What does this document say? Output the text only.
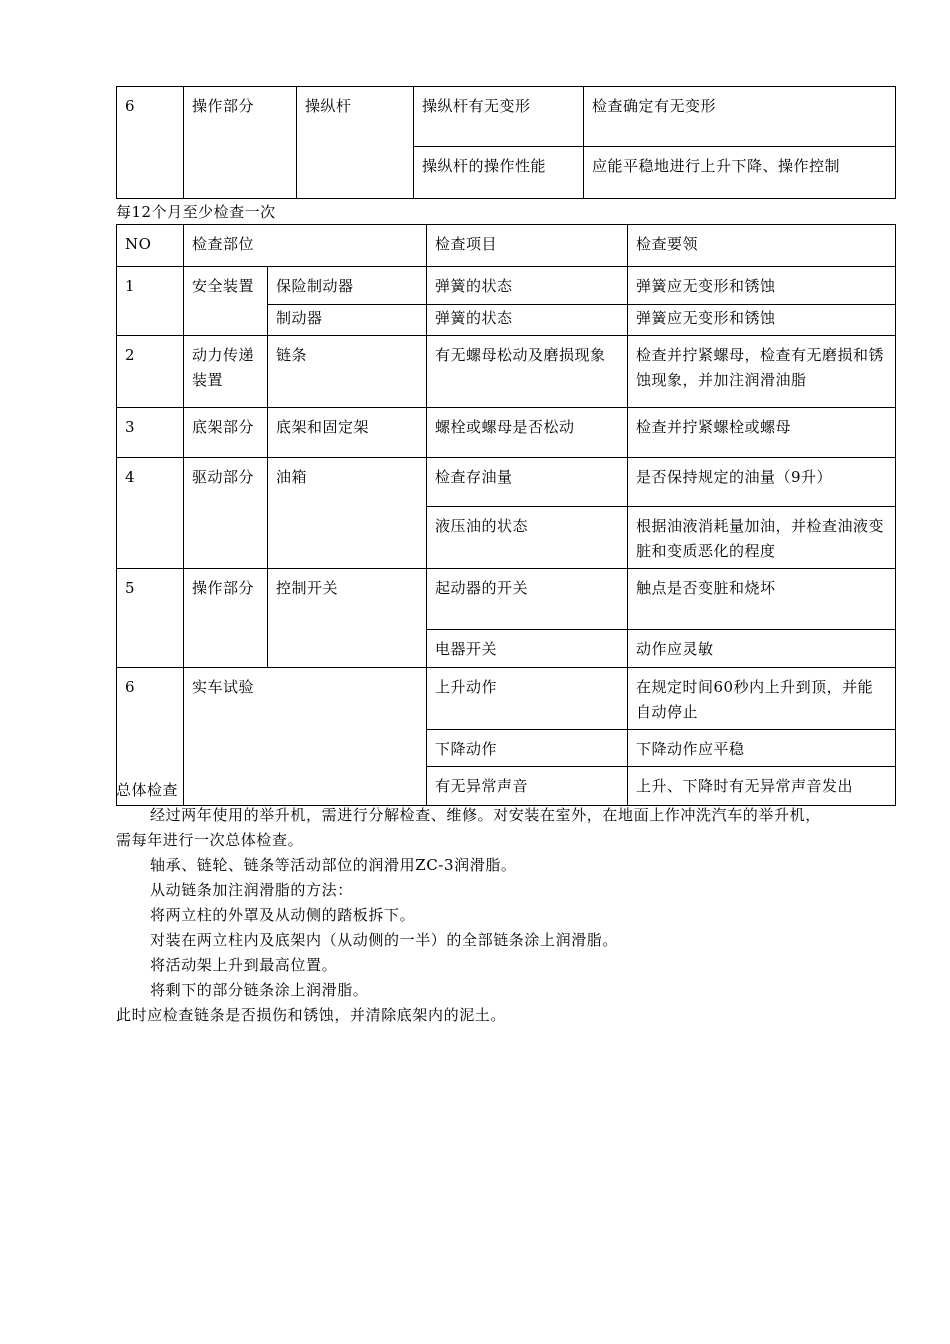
6	操作部分	操纵杆	操纵杆有无变形	检查确定有无变形
			操纵杆的操作性能	应能平稳地进行上升下降、操作控制
每12个月至少检查一次
NO	检查部位		检查项目	检查要领
1	安全装置	保险制动器	弹簧的状态	弹簧应无变形和锈蚀
		制动器	弹簧的状态	弹簧应无变形和锈蚀
2	动力传递装置	链条	有无螺母松动及磨损现象	检查并拧紧螺母，检查有无磨损和锈蚀现象，并加注润滑油脂
3	底架部分	底架和固定架	螺栓或螺母是否松动	检查并拧紧螺栓或螺母
4	驱动部分	油箱	检查存油量	是否保持规定的油量（9升）
			液压油的状态	根据油液消耗量加油，并检查油液变脏和变质恶化的程度
5	操作部分	控制开关	起动器的开关	触点是否变脏和烧坏
			电器开关	动作应灵敏
6	实车试验		上升动作	在规定时间60秒内上升到顶，并能自动停止
			下降动作	下降动作应平稳
			有无异常声音	上升、下降时有无异常声音发出
总体检查
经过两年使用的举升机，需进行分解检查、维修。对安装在室外，在地面上作冲洗汽车的举升机，需每年进行一次总体检查。
轴承、链轮、链条等活动部位的润滑用ZC-3润滑脂。
从动链条加注润滑脂的方法：
将两立柱的外罩及从动侧的踏板拆下。
对装在两立柱内及底架内（从动侧的一半）的全部链条涂上润滑脂。
将活动架上升到最高位置。
将剩下的部分链条涂上润滑脂。
此时应检查链条是否损伤和锈蚀，并清除底架内的泥土。
